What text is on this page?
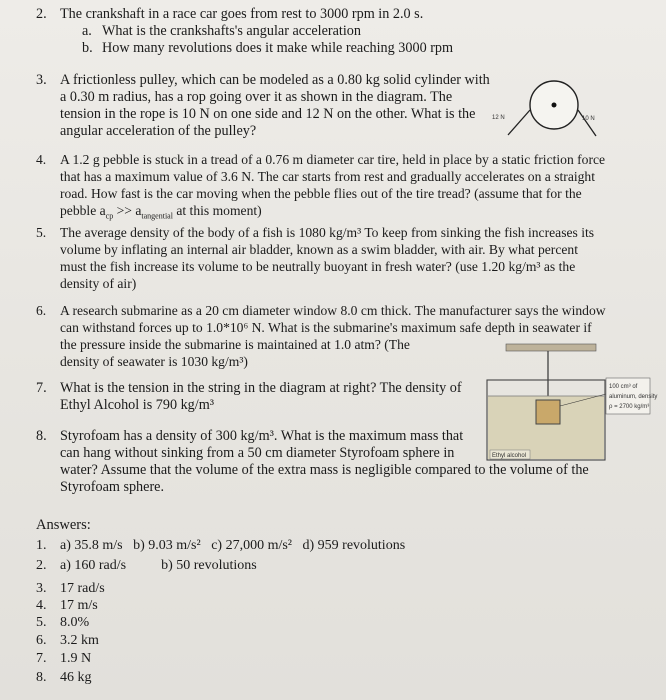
2. The crankshaft in a race car goes from rest to 3000 rpm in 2.0 s.
a. What is the crankshafts's angular acceleration
b. How many revolutions does it make while reaching 3000 rpm
3. A frictionless pulley, which can be modeled as a 0.80 kg solid cylinder with
a 0.30 m radius, has a rop going over it as shown in the diagram. The
tension in the rope is 10 N on one side and 12 N on the other. What is the
angular acceleration of the pulley?
12 N	10 N
4. A 1.2 g pebble is stuck in a tread of a 0.76 m diameter car tire, held in place by a static friction force
that has a maximum value of 3.6 N. The car starts from rest and gradually accelerates on a straight
road. How fast is the car moving when the pebble flies out of the tire tread? (assume that for the
pebble $a_{cp} >> a_{tangential}$ at this moment)
5. The average density of the body of a fish is 1080 kg/m³ To keep from sinking the fish increases its
volume by inflating an internal air bladder, known as a swim bladder, with air. By what percent
must the fish increase its volume to be neutrally buoyant in fresh water? (use 1.20 kg/m³ as the
density of air)
6. A research submarine as a 20 cm diameter window 8.0 cm thick. The manufacturer says the window
can withstand forces up to 1.0*10⁶ N. What is the submarine's maximum safe depth in seawater if
the pressure inside the submarine is maintained at 1.0 atm? (The
density of seawater is 1030 kg/m³)
7. What is the tension in the string in the diagram at right? The density of
Ethyl Alcohol is 790 kg/m³
100 cm³ of
aluminum, density
ρ = 2700 kg/m³
Ethyl alcohol
8. Styrofoam has a density of 300 kg/m³. What is the maximum mass that
can hang without sinking from a 50 cm diameter Styrofoam sphere in
water? Assume that the volume of the extra mass is negligible compared to the volume of the
Styrofoam sphere.
Answers:
1. a) 35.8 m/s   b) 9.03 m/s²   c) 27,000 m/s²   d) 959 revolutions
2. a) 160 rad/s          b) 50 revolutions
3. 17 rad/s
4. 17 m/s
5. 8.0%
6. 3.2 km
7. 1.9 N
8. 46 kg
